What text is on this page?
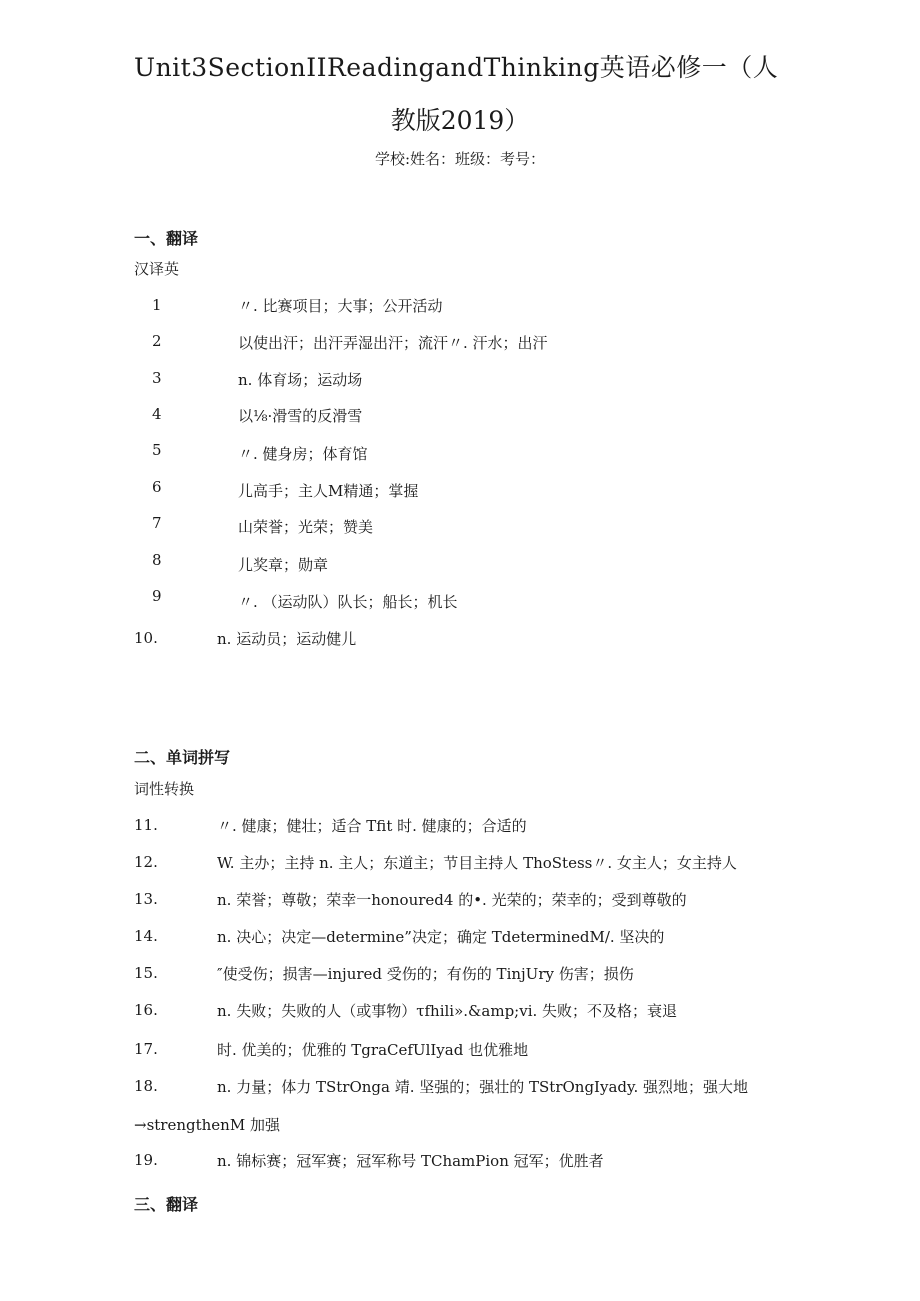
Unit3SectionIIReadingandThinking英语必修一（人
教版2019）
学校:姓名：班级：考号：
一、翻译
汉译英
1	〃. 比赛项目；大事；公开活动
2	以使出汗；出汗弄湿出汗；流汗〃. 汗水；出汗
3	n. 体育场；运动场
4	以⅛·滑雪的反滑雪
5	〃. 健身房；体育馆
6	儿高手；主人M精通；掌握
7	山荣誉；光荣；赞美
8	儿奖章；勋章
9	〃. （运动队）队长；船长；机长
10.	n. 运动员；运动健儿
二、单词拼写
词性转换
11.	〃. 健康；健壮；适合 Tfit 时. 健康的；合适的
12.	W. 主办；主持 n. 主人；东道主；节目主持人 ThoStess〃. 女主人；女主持人
13.	n. 荣誉；尊敬；荣幸一honoured4 的•. 光荣的；荣幸的；受到尊敬的
14.	n. 决心；决定—determine”决定；确定 TdeterminedM/. 坚决的
15.	″使受伤；损害—injured 受伤的；有伤的 TinjUry 伤害；损伤
16.	n. 失败；失败的人（或事物）τfhili».&amp;vi. 失败；不及格；衰退
17.	时. 优美的；优雅的 TgraCefUlIyad 也优雅地
18.	n. 力量；体力 TStrOnga 靖. 坚强的；强壮的 TStrOngIyady. 强烈地；强大地
→strengthenM 加强
19.	n. 锦标赛；冠军赛；冠军称号 TChamPion 冠军；优胜者
三、翻译
